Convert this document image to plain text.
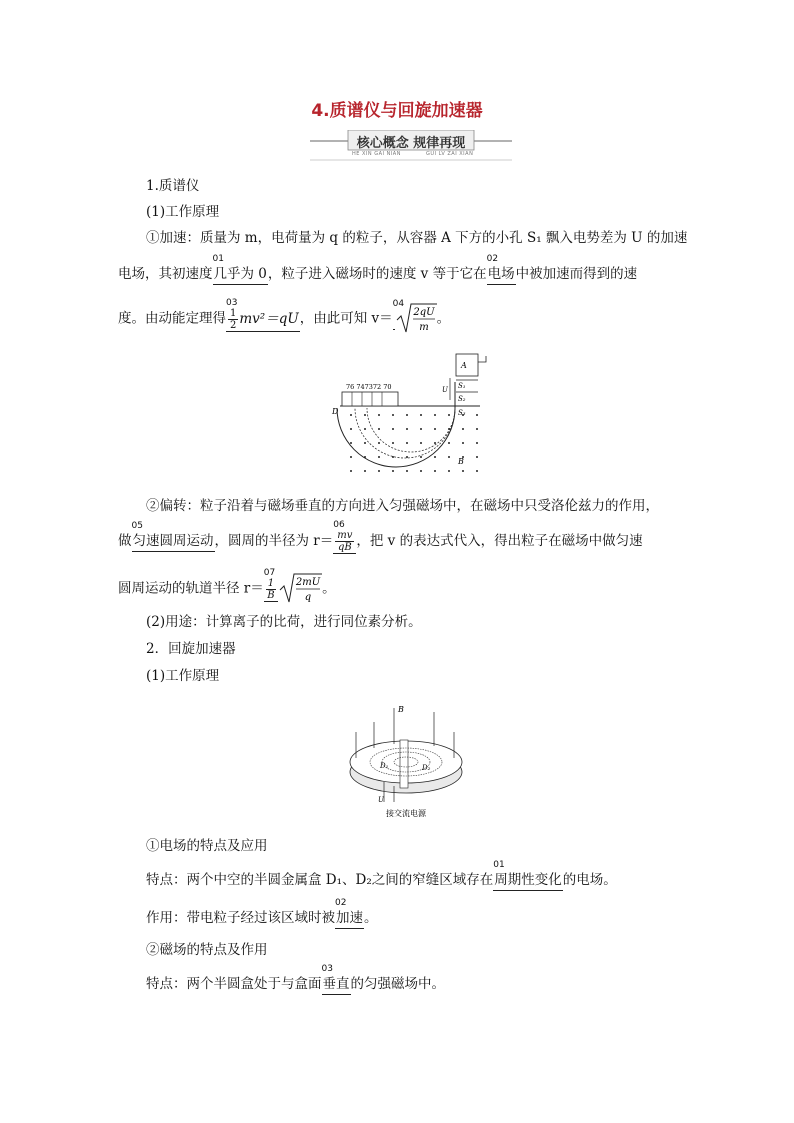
4.质谱仪与回旋加速器
核心概念 规律再现
HE XIN GAI NIAN	GUI LV ZAI XIAN
1.质谱仪
(1)工作原理
①加速：质量为 m，电荷量为 q 的粒子，从容器 A 下方的小孔 S₁ 飘入电势差为 U 的加速
电场，其初速度
01
几乎为 0，粒子进入磁场时的速度 v 等于它在
02
电场中被加速而得到的速
度。由动能定理得
03
$\frac{1}{2} mv^2=qU$，由此可知 v＝
04
2qU
m
。
76 747372 70
D
A
S₁
S₂
S₃
U
B
②偏转：粒子沿着与磁场垂直的方向进入匀强磁场中，在磁场中只受洛伦兹力的作用，
做
05
匀速圆周运动，圆周的半径为 r＝
06
$\frac{mv}{qB}$ ，把 v 的表达式代入，得出粒子在磁场中做匀速
圆周运动的轨道半径 r＝
07
$\frac{1}{B} 2mU$
q
。
(2)用途：计算离子的比荷，进行同位素分析。
2．回旋加速器
(1)工作原理
B
D₁	D₂
U
接交流电源
①电场的特点及应用
特点：两个中空的半圆金属盒 D₁、D₂之间的窄缝区域存在
01
周期性变化的电场。
作用：带电粒子经过该区域时被
02
加速。
②磁场的特点及作用
特点：两个半圆盒处于与盒面
03
垂直的匀强磁场中。
